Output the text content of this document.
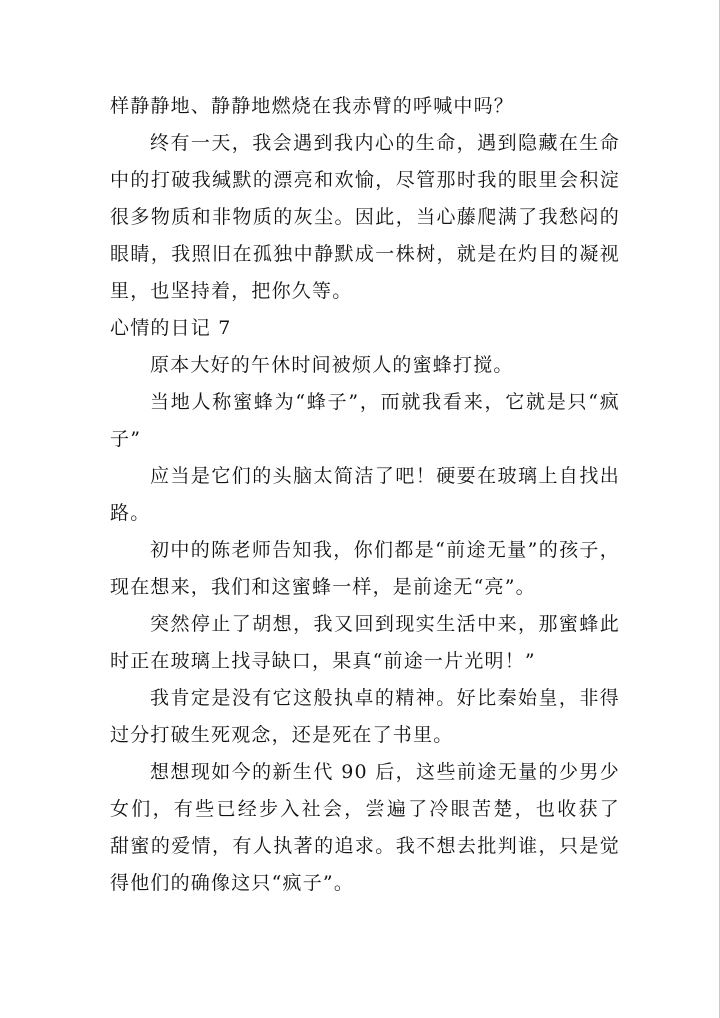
样静静地、静静地燃烧在我赤臂的呼喊中吗？

终有一天，我会遇到我内心的生命，遇到隐藏在生命中的打破我缄默的漂亮和欢愉，尽管那时我的眼里会积淀很多物质和非物质的灰尘。因此，当心藤爬满了我愁闷的眼睛，我照旧在孤独中静默成一株树，就是在灼目的凝视里，也坚持着，把你久等。

心情的日记 7

原本大好的午休时间被烦人的蜜蜂打搅。

当地人称蜜蜂为“蜂子”，而就我看来，它就是只“疯子”

应当是它们的头脑太简洁了吧！硬要在玻璃上自找出路。

初中的陈老师告知我，你们都是“前途无量”的孩子，现在想来，我们和这蜜蜂一样，是前途无“亮”。

突然停止了胡想，我又回到现实生活中来，那蜜蜂此时正在玻璃上找寻缺口，果真“前途一片光明！”

我肯定是没有它这般执卓的精神。好比秦始皇，非得过分打破生死观念，还是死在了书里。

想想现如今的新生代 90 后，这些前途无量的少男少女们，有些已经步入社会，尝遍了冷眼苦楚，也收获了　甜蜜的爱情，有人执著的追求。我不想去批判谁，只是觉得他们的确像这只“疯子”。
